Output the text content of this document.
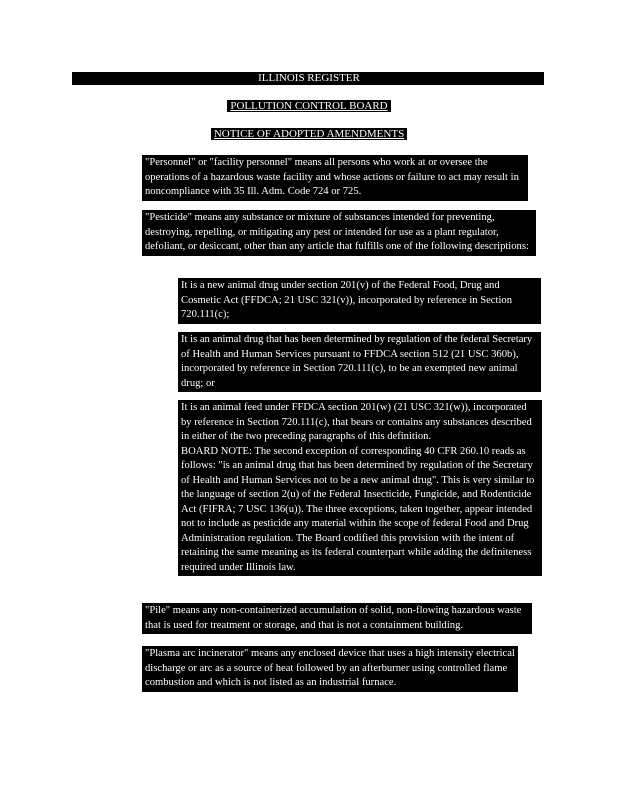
ILLINOIS REGISTER
POLLUTION CONTROL BOARD
NOTICE OF ADOPTED AMENDMENTS

"Personnel" or "facility personnel" means all persons who work at or oversee the operations of a hazardous waste facility and whose actions or failure to act may result in noncompliance with 35 Ill. Adm. Code 724 or 725.

"Pesticide" means any substance or mixture of substances intended for preventing, destroying, repelling, or mitigating any pest or intended for use as a plant regulator, defoliant, or desiccant, other than any article that fulfills one of the following descriptions:

It is a new animal drug under section 201(v) of the Federal Food, Drug and Cosmetic Act (FFDCA; 21 USC 321(v)), incorporated by reference in Section 720.111(c);

It is an animal drug that has been determined by regulation of the federal Secretary of Health and Human Services pursuant to FFDCA section 512 (21 USC 360b), incorporated by reference in Section 720.111(c), to be an exempted new animal drug; or

It is an animal feed under FFDCA section 201(w) (21 USC 321(w)), incorporated by reference in Section 720.111(c), that bears or contains any substances described in either of the two preceding paragraphs of this definition.

BOARD NOTE: The second exception of corresponding 40 CFR 260.10 reads as follows: "is an animal drug that has been determined by regulation of the Secretary of Health and Human Services not to be a new animal drug". This is very similar to the language of section 2(u) of the Federal Insecticide, Fungicide, and Rodenticide Act (FIFRA; 7 USC 136(u)). The three exceptions, taken together, appear intended not to include as pesticide any material within the scope of federal Food and Drug Administration regulation. The Board codified this provision with the intent of retaining the same meaning as its federal counterpart while adding the definiteness required under Illinois law.

"Pile" means any non-containerized accumulation of solid, non-flowing hazardous waste that is used for treatment or storage, and that is not a containment building.

"Plasma arc incinerator" means any enclosed device that uses a high intensity electrical discharge or arc as a source of heat followed by an afterburner using controlled flame combustion and which is not listed as an industrial furnace.
